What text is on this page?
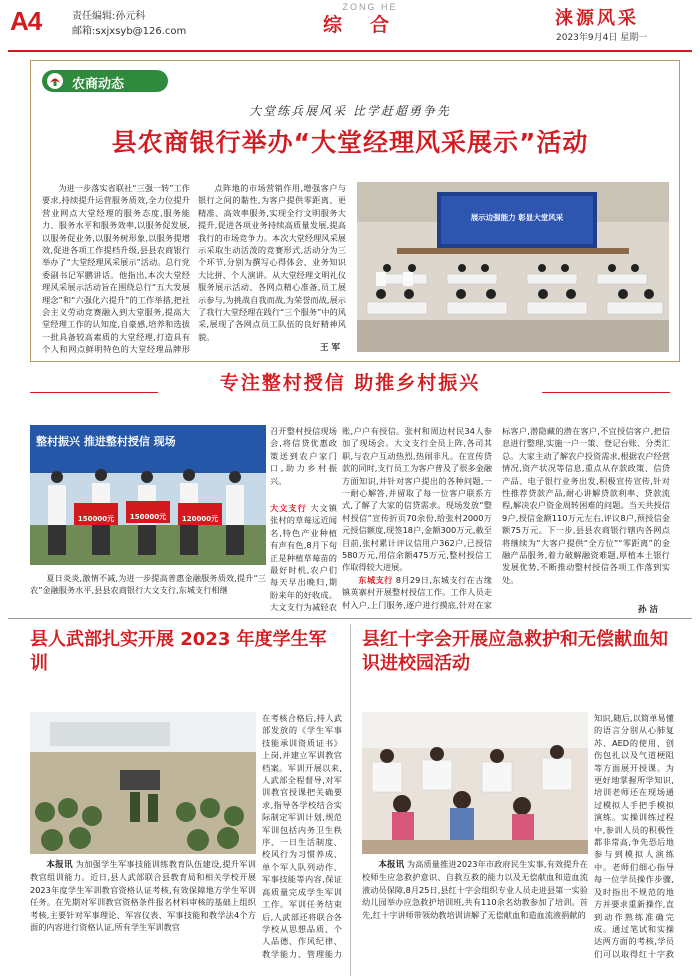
A4	责任编辑:孙元科
邮箱:sxjxsyb@126.com
ZONG HE
综合	涞源风采
2023年9月4日 星期一
农商动态
大堂练兵展风采 比学赶超勇争先
县农商银行举办“大堂经理风采展示”活动

为进一步落实省联社“三强一转”工作要求,持续提升运营服务质效,全力位提升营业网点大堂经理的服务态度,服务能力、服务水平和服务效率,以服务促发展,以服务促业务,以服务树形象,以服务提增效,促进各项工作提档升级,县县农商银行举办了“大堂经理风采展示”活动。总行党委副书记军鹏讲话。他指出,本次大堂经理风采展示活动旨在围绕总行“五大发展理念”和“六强化六提升”的工作举措,把社会主义劳动竞赛融入到大堂服务,提高大堂经理工作的认知度,自豪感,培养和选拔一批具备较高素质的大堂经理,打造具有个人和网点鲜明特色的大堂经理品牌形

点阵地的市场营销作用,增强客户与银行之间的黏性,为客户提供零距离、更精准、高效率服务,实现全行文明服务大提升,促进各项业务持续高质量发展,提高我行的市场竞争力。本次大堂经理风采展示采取生动活泼的竞赛形式,活动分为三个环节,分别为撰写心得体会、业务知识大比拼、个人演讲。从大堂经理文明礼仪服务展示活动、各网点精心准备,员工展示参与,为挑战自我而战,为荣誉而战,展示了我行大堂经理在践行“三个服务”中的风采,展现了各网点员工队伍的良好精神风貌。

王 军
展示边强能力 彰显大堂风采
专注整村授信 助推乡村振兴
整村振兴 推进整村授信 现场
150000元	150000元	120000元

夏日炎炎,激情不减,为进一步提高普惠金融服务质效,提升“三农”金融服务水平,县县农商银行大文支行,东城支行相继

召开整村授信现场会,将信贷优惠政策送到农户家门口,助力乡村振兴。
大文支行 大文镇张村的草莓远近闻名,特色产业种植有声有色,8月下旬正是种植草莓苗的最好时机,农户们每天早出晚归,期盼来年的好收成。大文支行为减轻农
账,户户有授信。张村和周边村民34人参加了现场会。大文支行全员上阵,各司其职,与农户互动热烈,热闹非凡。在宣传贷款的同时,支行员工为客户普及了很多金融方面知识,并针对客户提出的各种问题,一一耐心解答,并留取了每一位客户联系方式,了解了大家的信贷需求。现场发放“整村授信”宣传折页70余份,给张村2000万元授信额度,现签18户,金额300万元,截至目前,张村累计评议信用户362户,已授信580万元,用信余额475万元,整村授信工作取得较大进展。
东城支行 8月29日,东城支行在古缘镇英寨村开展整村授信工作。工作人员走村入户,上门服务,逐户进行摸底,针对在家
标客户,潜隐藏的潜在客户,不宜授信客户,把信息进行整理,实施一户一策、登记台账、分类汇总。大家主动了解农户投资需求,根据农户经营情况,资产状况等信息,重点从存款政策、信贷产品、电子银行业务出发,积极宣传宣传,针对性推荐贷款产品,耐心讲解贷款利率、贷款流程,解决农户资金周转困难的问题。当天共授信9户,授信金额110万元左右,评议8户,预授信金额75万元。下一步,县县农商银行辖内各网点将继续为“大客户提供“全方位”“零距离”的金融产品服务,着力破解融资难题,厚植本土银行发展优势,不断推动整村授信各项工作落到实处。
孙 洁
县人武部扎实开展 2023 年度学生军训
在考核合格后,持人武部发放的《学生军事技能承训资质证书》上岗,并建立军训教官档案。军训开展以来,人武部全程督导,对军训教官授课把关确要求,指导各学校结合实际制定军训计划,规范军训包括内务卫生秩序、一日生活制度、校风行为习惯养成、单个军人队列动作、军事技能等内容,保证高质量完成学生军训工作。军训任务结束后,人武部还将联合各学校从思想品质、个人品德、作风纪律、教学能力、管理能力
本报讯 为加强学生军事技能训练教育队伍建设,提升军训教官组训能力。近日,县人武部联合县教育局和相关学校开展2023年度学生军训教官资格认证考核,有效保障地方学生军训任务。在先期对军训教官资格条件报名材料审核的基础上组织考核,主要针对军事理论、军容仪表、军事技能和教学法4个方面的内容进行资格认证,所有学生军训教官
县红十字会开展应急救护和无偿献血知识进校园活动
知识,随后,以简单易懂的语言分别从心肺复苏、AED的使用、创伤包扎以及气道梗阻等方面展开授课。为更好地掌握所学知识,培训老师还在现场通过模拟人手把手模拟演练。实操训练过程中,参训人员的积极性都非常高,争先恐后地参与到模拟人演练中。老师们细心指导每一位学员操作步骤,及时指出不规范的地方并要求重新操作,直到动作熟练准确完成。通过笔试和实操达两方面的考核,学员们可以取得红十字救
本报讯 为高质量推进2023年市政府民生实事,有效提升在校师生应急救护意识、自救互救的能力以及无偿献血和造血流液动员保障,8月25日,县红十字会组织专业人员走进县第一实验幼儿园举办应急救护培训班,共有110余名幼教参加了培训。首先,红十字讲师带领幼教培训讲解了无偿献血和造血流液捐献的
